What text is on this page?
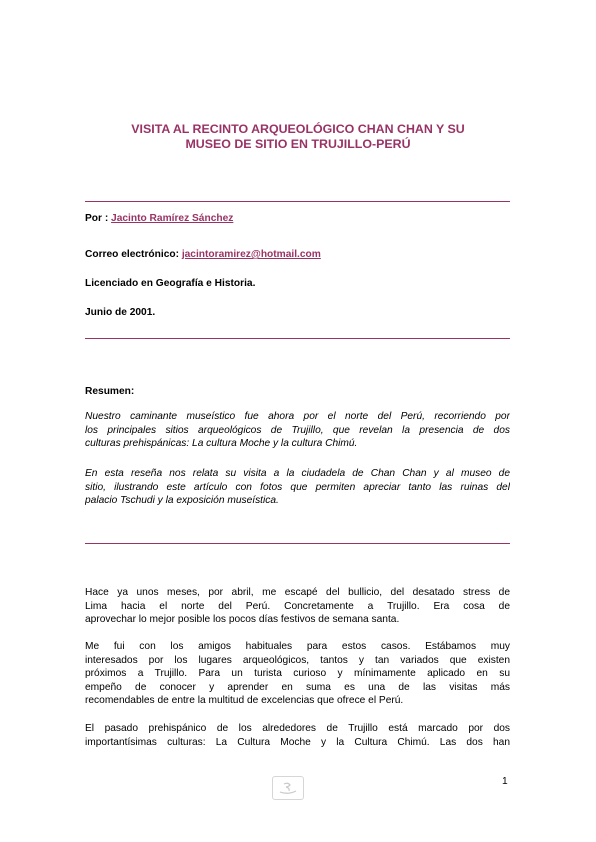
VISITA AL RECINTO ARQUEOLÓGICO CHAN CHAN Y SU
MUSEO DE SITIO EN TRUJILLO-PERÚ
Por : Jacinto Ramírez Sánchez
Correo electrónico: jacintoramirez@hotmail.com
Licenciado en Geografía e Historia.
Junio de 2001.
Resumen:
Nuestro caminante museístico fue ahora por el norte del Perú, recorriendo por
los principales sitios arqueológicos de Trujillo, que revelan la presencia de dos
culturas prehispánicas: La cultura Moche y la cultura Chimú.
En esta reseña nos relata su visita a la ciudadela de Chan Chan y al museo de
sitio, ilustrando este artículo con fotos que permiten apreciar tanto las ruinas del
palacio Tschudi y la exposición museística.
Hace ya unos meses, por abril, me escapé del bullicio, del desatado stress de
Lima hacia el norte del Perú. Concretamente a Trujillo. Era cosa de
aprovechar lo mejor posible los pocos días festivos de semana santa.
Me fui con los amigos habituales para estos casos. Estábamos muy
interesados por los lugares arqueológicos, tantos y tan variados que existen
próximos a Trujillo. Para un turista curioso y mínimamente aplicado en su
empeño de conocer y aprender en suma es una de las visitas más
recomendables de entre la multitud de excelencias que ofrece el Perú.
El pasado prehispánico de los alrededores de Trujillo está marcado por dos
importantísimas culturas: La Cultura Moche y la Cultura Chimú. Las dos han
1
